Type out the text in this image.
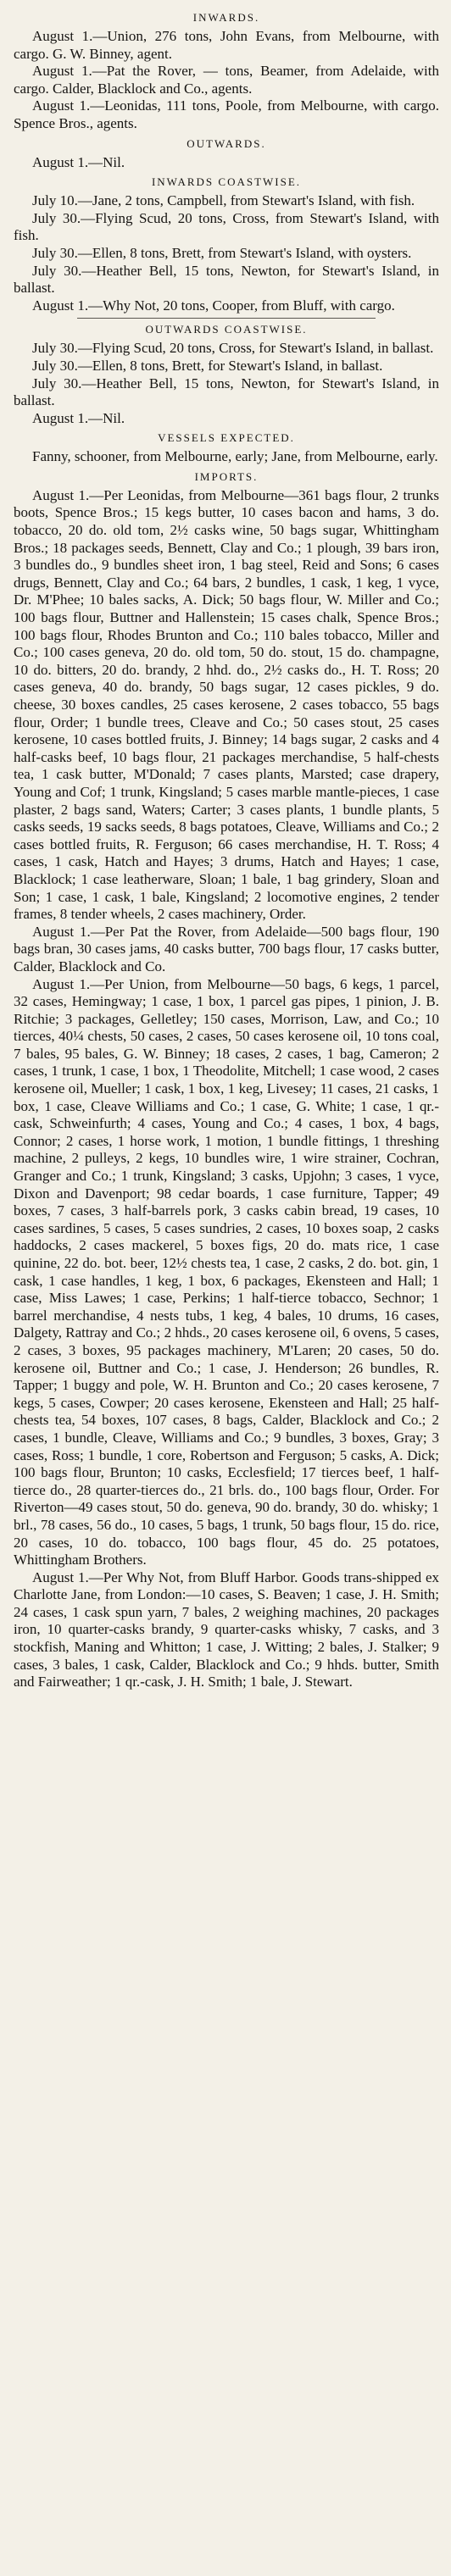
INWARDS.

August 1.—Union, 276 tons, John Evans, from Melbourne, with cargo. G. W. Binney, agent.

August 1.—Pat the Rover, — tons, Beamer, from Adelaide, with cargo. Calder, Blacklock and Co., agents.

August 1.—Leonidas, 111 tons, Poole, from Melbourne, with cargo. Spence Bros., agents.

OUTWARDS.

August 1.—Nil.

INWARDS COASTWISE.

July 10.—Jane, 2 tons, Campbell, from Stewart's Island, with fish.

July 30.—Flying Scud, 20 tons, Cross, from Stewart's Island, with fish.

July 30.—Ellen, 8 tons, Brett, from Stewart's Island, with oysters.

July 30.—Heather Bell, 15 tons, Newton, for Stewart's Island, in ballast.

August 1.—Why Not, 20 tons, Cooper, from Bluff, with cargo.

OUTWARDS COASTWISE.

July 30.—Flying Scud, 20 tons, Cross, for Stewart's Island, in ballast.

July 30.—Ellen, 8 tons, Brett, for Stewart's Island, in ballast.

July 30.—Heather Bell, 15 tons, Newton, for Stewart's Island, in ballast.

August 1.—Nil.

VESSELS EXPECTED.

Fanny, schooner, from Melbourne, early; Jane, from Melbourne, early.

IMPORTS.

August 1.—Per Leonidas, from Melbourne—361 bags flour, 2 trunks boots, Spence Bros.; 15 kegs butter, 10 cases bacon and hams, 3 do. tobacco, 20 do. old tom, 2½ casks wine, 50 bags sugar, Whittingham Bros.; 18 packages seeds, Bennett, Clay and Co.; 1 plough, 39 bars iron, 3 bundles do., 9 bundles sheet iron, 1 bag steel, Reid and Sons; 6 cases drugs, Bennett, Clay and Co.; 64 bars, 2 bundles, 1 cask, 1 keg, 1 vyce, Dr. M'Phee; 10 bales sacks, A. Dick; 50 bags flour, W. Miller and Co.; 100 bags flour, Buttner and Hallenstein; 15 cases chalk, Spence Bros.; 100 bags flour, Rhodes Brunton and Co.; 110 bales tobacco, Miller and Co.; 100 cases geneva, 20 do. old tom, 50 do. stout, 15 do. champagne, 10 do. bitters, 20 do. brandy, 2 hhd. do., 2½ casks do., H. T. Ross; 20 cases geneva, 40 do. brandy, 50 bags sugar, 12 cases pickles, 9 do. cheese, 30 boxes candles, 25 cases kerosene, 2 cases tobacco, 55 bags flour, Order; 1 bundle trees, Cleave and Co.; 50 cases stout, 25 cases kerosene, 10 cases bottled fruits, J. Binney; 14 bags sugar, 2 casks and 4 half-casks beef, 10 bags flour, 21 packages merchandise, 5 half-chests tea, 1 cask butter, M'Donald; 7 cases plants, Marsted; case drapery, Young and Cof; 1 trunk, Kingsland; 5 cases marble mantle-pieces, 1 case plaster, 2 bags sand, Waters; Carter; 3 cases plants, 1 bundle plants, 5 casks seeds, 19 sacks seeds, 8 bags potatoes, Cleave, Williams and Co.; 2 cases bottled fruits, R. Ferguson; 66 cases merchandise, H. T. Ross; 4 cases, 1 cask, Hatch and Hayes; 3 drums, Hatch and Hayes; 1 case, Blacklock; 1 case leatherware, Sloan; 1 bale, 1 bag grindery, Sloan and Son; 1 case, 1 cask, 1 bale, Kingsland; 2 locomotive engines, 2 tender frames, 8 tender wheels, 2 cases machinery, Order.

August 1.—Per Pat the Rover, from Adelaide—500 bags flour, 190 bags bran, 30 cases jams, 40 casks butter, 700 bags flour, 17 casks butter, Calder, Blacklock and Co.

August 1.—Per Union, from Melbourne—50 bags, 6 kegs, 1 parcel, 32 cases, Hemingway; 1 case, 1 box, 1 parcel gas pipes, 1 pinion, J. B. Ritchie; 3 packages, Gelletley; 150 cases, Morrison, Law, and Co.; 10 tierces, 40¼ chests, 50 cases, 2 cases, 50 cases kerosene oil, 10 tons coal, 7 bales, 95 bales, G. W. Binney; 18 cases, 2 cases, 1 bag, Cameron; 2 cases, 1 trunk, 1 case, 1 box, 1 Theodolite, Mitchell; 1 case wood, 2 cases kerosene oil, Mueller; 1 cask, 1 box, 1 keg, Livesey; 11 cases, 21 casks, 1 box, 1 case, Cleave Williams and Co.; 1 case, G. White; 1 case, 1 qr.-cask, Schweinfurth; 4 cases, Young and Co.; 4 cases, 1 box, 4 bags, Connor; 2 cases, 1 horse work, 1 motion, 1 bundle fittings, 1 threshing machine, 2 pulleys, 2 kegs, 10 bundles wire, 1 wire strainer, Cochran, Granger and Co.; 1 trunk, Kingsland; 3 casks, Upjohn; 3 cases, 1 vyce, Dixon and Davenport; 98 cedar boards, 1 case furniture, Tapper; 49 boxes, 7 cases, 3 half-barrels pork, 3 casks cabin bread, 19 cases, 10 cases sardines, 5 cases, 5 cases sundries, 2 cases, 10 boxes soap, 2 casks haddocks, 2 cases mackerel, 5 boxes figs, 20 do. mats rice, 1 case quinine, 22 do. bot. beer, 12½ chests tea, 1 case, 2 casks, 2 do. bot. gin, 1 cask, 1 case handles, 1 keg, 1 box, 6 packages, Ekensteen and Hall; 1 case, Miss Lawes; 1 case, Perkins; 1 half-tierce tobacco, Sechnor; 1 barrel merchandise, 4 nests tubs, 1 keg, 4 bales, 10 drums, 16 cases, Dalgety, Rattray and Co.; 2 hhds., 20 cases kerosene oil, 6 ovens, 5 cases, 2 cases, 3 boxes, 95 packages machinery, M'Laren; 20 cases, 50 do. kerosene oil, Buttner and Co.; 1 case, J. Henderson; 26 bundles, R. Tapper; 1 buggy and pole, W. H. Brunton and Co.; 20 cases kerosene, 7 kegs, 5 cases, Cowper; 20 cases kerosene, Ekensteen and Hall; 25 half-chests tea, 54 boxes, 107 cases, 8 bags, Calder, Blacklock and Co.; 2 cases, 1 bundle, Cleave, Williams and Co.; 9 bundles, 3 boxes, Gray; 3 cases, Ross; 1 bundle, 1 core, Robertson and Ferguson; 5 casks, A. Dick; 100 bags flour, Brunton; 10 casks, Ecclesfield; 17 tierces beef, 1 half-tierce do., 28 quarter-tierces do., 21 brls. do., 100 bags flour, Order. For Riverton—49 cases stout, 50 do. geneva, 90 do. brandy, 30 do. whisky; 1 brl., 78 cases, 56 do., 10 cases, 5 bags, 1 trunk, 50 bags flour, 15 do. rice, 20 cases, 10 do. tobacco, 100 bags flour, 45 do. 25 potatoes, Whittingham Brothers.

August 1.—Per Why Not, from Bluff Harbor. Goods trans-shipped ex Charlotte Jane, from London:—10 cases, S. Beaven; 1 case, J. H. Smith; 24 cases, 1 cask spun yarn, 7 bales, 2 weighing machines, 20 packages iron, 10 quarter-casks brandy, 9 quarter-casks whisky, 7 casks, and 3 stockfish, Maning and Whitton; 1 case, J. Witting; 2 bales, J. Stalker; 9 cases, 3 bales, 1 cask, Calder, Blacklock and Co.; 9 hhds. butter, Smith and Fairweather; 1 qr.-cask, J. H. Smith; 1 bale, J. Stewart.
